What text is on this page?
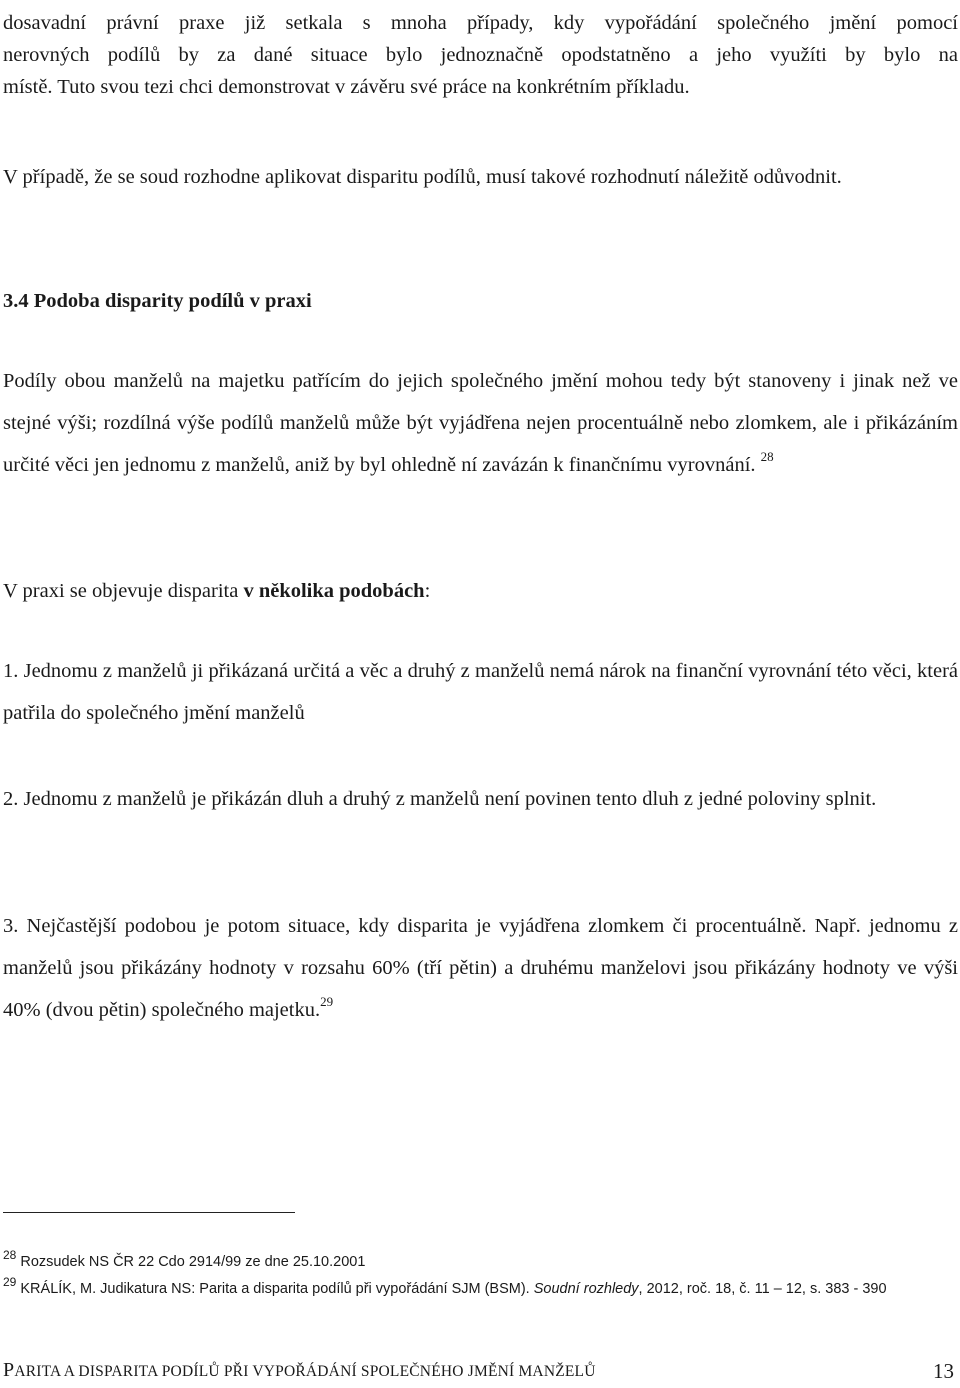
dosavadní právní praxe již setkala s mnoha případy, kdy vypořádání společného jmění pomocí
nerovných podílů by za dané situace bylo jednoznačně opodstatněno a jeho využíti by bylo na
místě. Tuto svou tezi chci demonstrovat v závěru své práce na konkrétním příkladu.

V případě, že se soud rozhodne aplikovat disparitu podílů, musí takové rozhodnutí náležitě odůvodnit.

3.4 Podoba disparity podílů v praxi

Podíly obou manželů na majetku patřícím do jejich společného jmění mohou tedy být stanoveny i jinak než ve stejné výši; rozdílná výše podílů manželů může být vyjádřena nejen procentuálně nebo zlomkem, ale i přikázáním určité věci jen jednomu z manželů, aniž by byl ohledně ní zavázán k finančnímu vyrovnání. $^{28}$

V praxi se objevuje disparita v několika podobách:

1. Jednomu z manželů ji přikázaná určitá a věc a druhý z manželů nemá nárok na finanční vyrovnání této věci, která patřila do společného jmění manželů

2. Jednomu z manželů je přikázán dluh a druhý z manželů není povinen tento dluh z jedné poloviny splnit.

3. Nejčastější podobou je potom situace, kdy disparita je vyjádřena zlomkem či procentuálně. Např. jednomu z manželů jsou přikázány hodnoty v rozsahu 60% (tří pětin) a druhému manželovi jsou přikázány hodnoty ve výši 40% (dvou pětin) společného majetku.$^{29}$

$^{28}$ Rozsudek NS ČR 22 Cdo 2914/99 ze dne 25.10.2001

$^{29}$ KRÁLÍK, M. Judikatura NS: Parita a disparita podílů při vypořádání SJM (BSM). Soudní rozhledy, 2012, roč. 18, č. 11 – 12, s. 383 - 390

PARITA A DISPARITA PODÍLŮ PŘI VYPOŘÁDÁNÍ SPOLEČNÉHO JMĚNÍ MANŽELŮ	13
